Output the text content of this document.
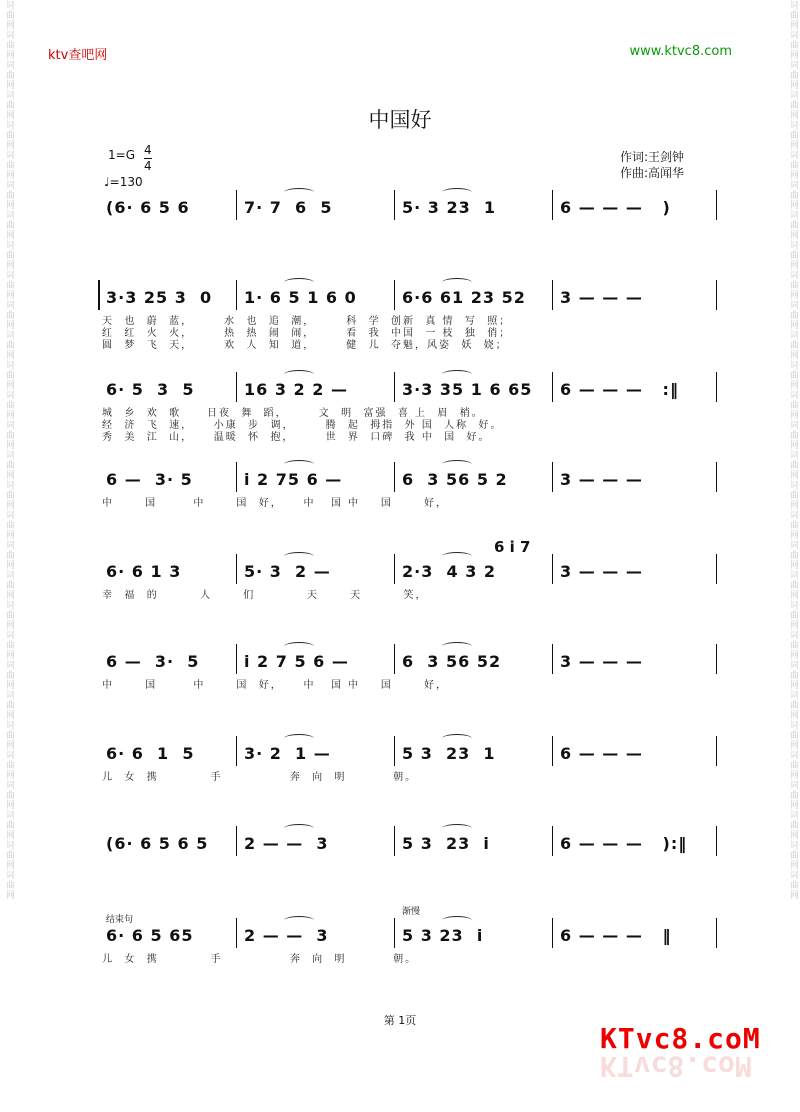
词曲网词曲网词曲网词曲网词曲网词曲网词曲网词曲网词曲网词曲网词曲网词曲网词曲网词曲网词曲网词曲网词曲网词曲网词曲网词曲网词曲网词曲网词曲网词曲网词曲网词曲网词曲网词曲网词曲网词曲网	词曲网词曲网词曲网词曲网词曲网词曲网词曲网词曲网词曲网词曲网词曲网词曲网词曲网词曲网词曲网词曲网词曲网词曲网词曲网词曲网词曲网词曲网词曲网词曲网词曲网词曲网词曲网词曲网词曲网词曲网
ktv查吧网	www.ktvc8.com
中国好
1=G 4
4
♩=130
作词:王剑钟
作曲:高闻华
(6· 6 5 6	7· 7  6  5	5· 3 23  1	6 — — —   )
3·3 25 3  0 1· 6 5 1 6 0	6·6 61 23 52 3 — — —
天  也  蔚  蓝，      水  也  追  潮，      科  学  创新  真 情  写  照；
红  红  火  火，      热  热  闹  闹，      看  我  中国  一 枝  独  俏；
圆  梦  飞  天，      欢  人  知  道，      健  儿  夺魁，风姿  妖  娆；
6· 5  3  5	16 3 2 2 —	3·3 35 1 6 65 6 — — —   :‖
城  乡  欢  歌     日夜  舞  蹈，      文  明  富强  喜 上  眉  梢。
经  济  飞  速，    小康  步  调，      腾  起  拇指  外 国  人称  好。
秀  美  江  山，    温暖  怀  抱，      世  界  口碑  我 中  国  好。
6 —  3· 5	i 2 75 6 —	6  3 56 5 2	3 — — —
中      国       中      国  好，    中   国 中    国      好，
6 i 7
6· 6 1 3	5· 3  2 —	2·3  4 3 2	3 — — —
幸  福  的        人      们          天      天        笑，
6 —  3·  5	i 2 7 5 6 —	6  3 56 52	3 — — —
中      国       中      国  好，    中   国 中    国      好，
6· 6  1  5	3· 2  1 —	5 3  23  1	6 — — —
儿  女  携          手             奔  向  明         朝。
(6· 6 5 6 5 2 — —  3	5 3  23  i	6 — — —   ):‖
6· 6 5 65	2 — —  3	5 3 23  i	6 — — —   ‖
儿  女  携          手             奔  向  明         朝。
结束句
渐慢
第 1页
KTvc8.coM
KTvc8.coM
